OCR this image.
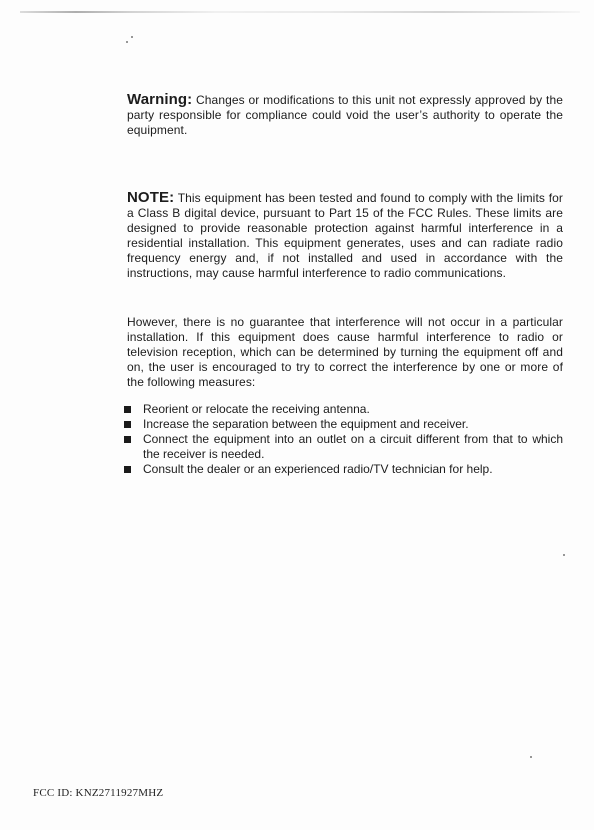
Warning: Changes or modifications to this unit not expressly approved by the party responsible for compliance could void the user’s authority to operate the equipment.

NOTE: This equipment has been tested and found to comply with the limits for a Class B digital device, pursuant to Part 15 of the FCC Rules. These limits are designed to provide reasonable protection against harmful interference in a residential installation. This equipment generates, uses and can radiate radio frequency energy and, if not installed and used in accordance with the instructions, may cause harmful interference to radio communications.

However, there is no guarantee that interference will not occur in a particular installation. If this equipment does cause harmful interference to radio or television reception, which can be determined by turning the equipment off and on, the user is encouraged to try to correct the interference by one or more of the following measures:

Reorient or relocate the receiving antenna.
Increase the separation between the equipment and receiver.
Connect the equipment into an outlet on a circuit different from that to which the receiver is needed.
Consult the dealer or an experienced radio/TV technician for help.
FCC ID: KNZ2711927MHZ
